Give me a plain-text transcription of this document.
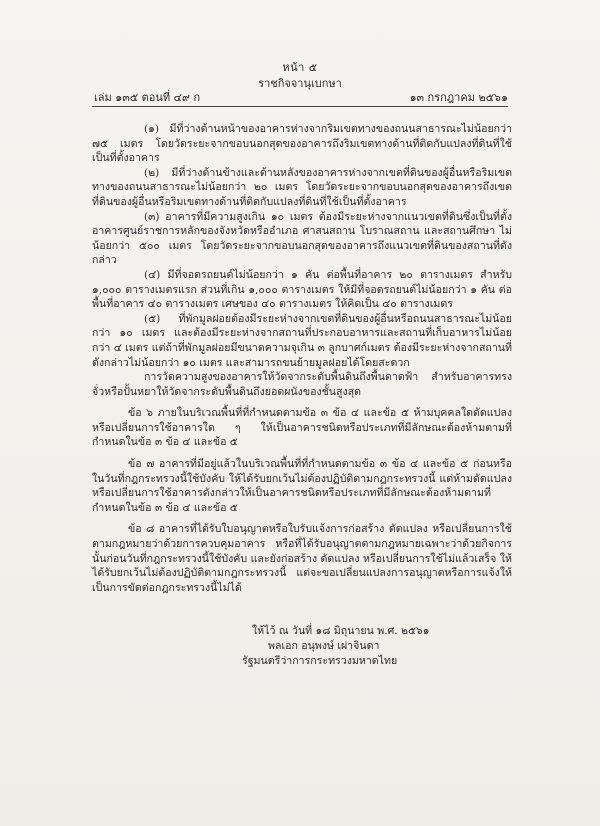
หน้า ๕
เล่ม ๑๓๕ ตอนที่ ๔๙ ก
ราชกิจจานุเบกษา
๑๓ กรกฎาคม ๒๕๖๑

(๑) มีที่ว่างด้านหน้าของอาคารห่างจากริมเขตทางของถนนสาธารณะไม่น้อยกว่า ๗๕ เมตร โดยวัดระยะจากขอบนอกสุดของอาคารถึงริมเขตทางด้านที่ติดกับแปลงที่ดินที่ใช้เป็นที่ตั้งอาคาร

(๒) มีที่ว่างด้านข้างและด้านหลังของอาคารห่างจากเขตที่ดินของผู้อื่นหรือริมเขตทางของถนนสาธารณะไม่น้อยกว่า ๒๐ เมตร โดยวัดระยะจากขอบนอกสุดของอาคารถึงเขตที่ดินของผู้อื่นหรือริมเขตทางด้านที่ติดกับแปลงที่ดินที่ใช้เป็นที่ตั้งอาคาร

(๓) อาคารที่มีความสูงเกิน ๑๐ เมตร ต้องมีระยะห่างจากแนวเขตที่ดินซึ่งเป็นที่ตั้งอาคารศูนย์ราชการหลักของจังหวัดหรืออำเภอ ศาสนสถาน โบราณสถาน และสถานศึกษา ไม่น้อยกว่า ๕๐๐ เมตร โดยวัดระยะจากขอบนอกสุดของอาคารถึงแนวเขตที่ดินของสถานที่ดังกล่าว

(๔) มีที่จอดรถยนต์ไม่น้อยกว่า ๑ คัน ต่อพื้นที่อาคาร ๒๐ ตารางเมตร สำหรับ ๑,๐๐๐ ตารางเมตรแรก ส่วนที่เกิน ๑,๐๐๐ ตารางเมตร ให้มีที่จอดรถยนต์ไม่น้อยกว่า ๑ คัน ต่อพื้นที่อาคาร ๔๐ ตารางเมตร เศษของ ๔๐ ตารางเมตร ให้คิดเป็น ๔๐ ตารางเมตร

(๕) ที่พักมูลฝอยต้องมีระยะห่างจากเขตที่ดินของผู้อื่นหรือถนนสาธารณะไม่น้อยกว่า ๑๐ เมตร และต้องมีระยะห่างจากสถานที่ประกอบอาหารและสถานที่เก็บอาหารไม่น้อยกว่า ๔ เมตร แต่ถ้าที่พักมูลฝอยมีขนาดความจุเกิน ๓ ลูกบาศก์เมตร ต้องมีระยะห่างจากสถานที่ดังกล่าวไม่น้อยกว่า ๑๐ เมตร และสามารถขนย้ายมูลฝอยได้โดยสะดวก

การวัดความสูงของอาคารให้วัดจากระดับพื้นดินถึงพื้นดาดฟ้า สำหรับอาคารทรงจั่วหรือปั้นหยาให้วัดจากระดับพื้นดินถึงยอดผนังของชั้นสูงสุด

ข้อ ๖ ภายในบริเวณพื้นที่ที่กำหนดตามข้อ ๓ ข้อ ๔ และข้อ ๕ ห้ามบุคคลใดดัดแปลงหรือเปลี่ยนการใช้อาคารใด ๆ ให้เป็นอาคารชนิดหรือประเภทที่มีลักษณะต้องห้ามตามที่กำหนดในข้อ ๓ ข้อ ๔ และข้อ ๕

ข้อ ๗ อาคารที่มีอยู่แล้วในบริเวณพื้นที่ที่กำหนดตามข้อ ๓ ข้อ ๔ และข้อ ๕ ก่อนหรือในวันที่กฎกระทรวงนี้ใช้บังคับ ให้ได้รับยกเว้นไม่ต้องปฏิบัติตามกฎกระทรวงนี้ แต่ห้ามดัดแปลงหรือเปลี่ยนการใช้อาคารดังกล่าวให้เป็นอาคารชนิดหรือประเภทที่มีลักษณะต้องห้ามตามที่กำหนดในข้อ ๓ ข้อ ๔ และข้อ ๕

ข้อ ๘ อาคารที่ได้รับใบอนุญาตหรือใบรับแจ้งการก่อสร้าง ดัดแปลง หรือเปลี่ยนการใช้ตามกฎหมายว่าด้วยการควบคุมอาคาร หรือที่ได้รับอนุญาตตามกฎหมายเฉพาะว่าด้วยกิจการนั้นก่อนวันที่กฎกระทรวงนี้ใช้บังคับ และยังก่อสร้าง ดัดแปลง หรือเปลี่ยนการใช้ไม่แล้วเสร็จ ให้ได้รับยกเว้นไม่ต้องปฏิบัติตามกฎกระทรวงนี้ แต่จะขอเปลี่ยนแปลงการอนุญาตหรือการแจ้งให้เป็นการขัดต่อกฎกระทรวงนี้ไม่ได้

ให้ไว้ ณ วันที่ ๑๘ มิถุนายน พ.ศ. ๒๕๖๑
พลเอก อนุพงษ์ เผ่าจินดา
รัฐมนตรีว่าการกระทรวงมหาดไทย
